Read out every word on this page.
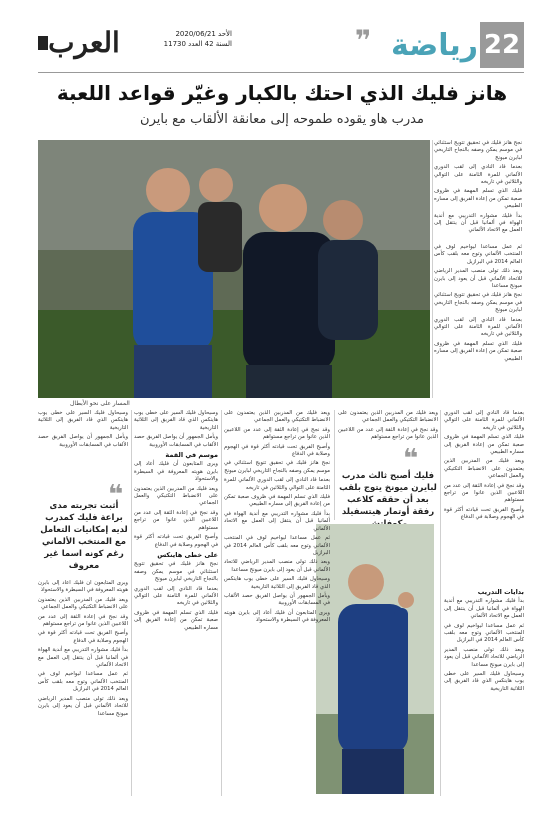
22
رياضة
❞
العرب	الأحد 2020/06/21
السنة 42 العدد 11730
هانز فليك الذي احتك بالكبار وغيّر قواعد اللعبة
مدرب هاو يقوده طموحه إلى معانقة الألقاب مع بايرن
المسار على نحو الأبطال

نجح هانز فليك في تحقيق تتويج استثنائي في موسم يمكن وصفه بالنجاح التاريخي لبايرن ميونخ

بعدما قاد النادي إلى لقب الدوري الألماني للمرة الثامنة على التوالي والثلاثين في تاريخه

فليك الذي تسلم المهمة في ظروف صعبة تمكن من إعادة الفريق إلى مساره الطبيعي

بدأ فليك مشواره التدريبي مع أندية الهواة في ألمانيا قبل أن ينتقل إلى العمل مع الاتحاد الألماني

ثم عمل مساعدا ليواخيم لوف في المنتخب الألماني وتوج معه بلقب كأس العالم 2014 في البرازيل

وبعد ذلك تولى منصب المدير الرياضي للاتحاد الألماني قبل أن يعود إلى بايرن ميونخ مساعدا

نجح هانز فليك في تحقيق تتويج استثنائي في موسم يمكن وصفه بالنجاح التاريخي لبايرن ميونخ

بعدما قاد النادي إلى لقب الدوري الألماني للمرة الثامنة على التوالي والثلاثين في تاريخه

فليك الذي تسلم المهمة في ظروف صعبة تمكن من إعادة الفريق إلى مساره الطبيعي

بعدما قاد النادي إلى لقب الدوري الألماني للمرة الثامنة على التوالي والثلاثين في تاريخه

فليك الذي تسلم المهمة في ظروف صعبة تمكن من إعادة الفريق إلى مساره الطبيعي

ويعد فليك من المدربين الذين يعتمدون على الانضباط التكتيكي والعمل الجماعي

وقد نجح في إعادة الثقة إلى عدد من اللاعبين الذين عانوا من تراجع مستواهم

وأصبح الفريق تحت قيادته أكثر قوة في الهجوم وصلابة في الدفاع

بدايات التدريب

بدأ فليك مشواره التدريبي مع أندية الهواة في ألمانيا قبل أن ينتقل إلى العمل مع الاتحاد الألماني

ثم عمل مساعدا ليواخيم لوف في المنتخب الألماني وتوج معه بلقب كأس العالم 2014 في البرازيل

وبعد ذلك تولى منصب المدير الرياضي للاتحاد الألماني قبل أن يعود إلى بايرن ميونخ مساعدا

وسيحاول فليك السير على خطى يوب هاينكس الذي قاد الفريق إلى الثلاثية التاريخية

❝
فليك أصبح ثالث مدرب لبايرن ميونخ يتوج بلقب بعد أن حققه كلاعب رفقة أوتمار هيتسفيلد

ويعد فليك من المدربين الذين يعتمدون على الانضباط التكتيكي والعمل الجماعي

وقد نجح في إعادة الثقة إلى عدد من اللاعبين الذين عانوا من تراجع مستواهم

ويعد فليك من المدربين الذين يعتمدون على الانضباط التكتيكي والعمل الجماعي

وقد نجح في إعادة الثقة إلى عدد من اللاعبين الذين عانوا من تراجع مستواهم

وأصبح الفريق تحت قيادته أكثر قوة في الهجوم وصلابة في الدفاع

نجح هانز فليك في تحقيق تتويج استثنائي في موسم يمكن وصفه بالنجاح التاريخي لبايرن ميونخ

بعدما قاد النادي إلى لقب الدوري الألماني للمرة الثامنة على التوالي والثلاثين في تاريخه

فليك الذي تسلم المهمة في ظروف صعبة تمكن من إعادة الفريق إلى مساره الطبيعي

بدأ فليك مشواره التدريبي مع أندية الهواة في ألمانيا قبل أن ينتقل إلى العمل مع الاتحاد الألماني

ثم عمل مساعدا ليواخيم لوف في المنتخب الألماني وتوج معه بلقب كأس العالم 2014 في البرازيل

وبعد ذلك تولى منصب المدير الرياضي للاتحاد الألماني قبل أن يعود إلى بايرن ميونخ مساعدا

وسيحاول فليك السير على خطى يوب هاينكس الذي قاد الفريق إلى الثلاثية التاريخية

ويأمل الجمهور أن يواصل الفريق حصد الألقاب في المسابقات الأوروبية

ويرى المتابعون أن فليك أعاد إلى بايرن هويته المعروفة في السيطرة والاستحواذ

وسيحاول فليك السير على خطى يوب هاينكس الذي قاد الفريق إلى الثلاثية التاريخية

ويأمل الجمهور أن يواصل الفريق حصد الألقاب في المسابقات الأوروبية

موسم في القمة

ويرى المتابعون أن فليك أعاد إلى بايرن هويته المعروفة في السيطرة والاستحواذ

ويعد فليك من المدربين الذين يعتمدون على الانضباط التكتيكي والعمل الجماعي

وقد نجح في إعادة الثقة إلى عدد من اللاعبين الذين عانوا من تراجع مستواهم

وأصبح الفريق تحت قيادته أكثر قوة في الهجوم وصلابة في الدفاع

على خطى هاينكس

نجح هانز فليك في تحقيق تتويج استثنائي في موسم يمكن وصفه بالنجاح التاريخي لبايرن ميونخ

بعدما قاد النادي إلى لقب الدوري الألماني للمرة الثامنة على التوالي والثلاثين في تاريخه

فليك الذي تسلم المهمة في ظروف صعبة تمكن من إعادة الفريق إلى مساره الطبيعي

وسيحاول فليك السير على خطى يوب هاينكس الذي قاد الفريق إلى الثلاثية التاريخية

ويأمل الجمهور أن يواصل الفريق حصد الألقاب في المسابقات الأوروبية

❝
أثبت تجربته مدى براعة فليك كمدرب لديه إمكانيات التعامل مع المنتخب الألماني رغم كونه اسما غير معروف

ويرى المتابعون أن فليك أعاد إلى بايرن هويته المعروفة في السيطرة والاستحواذ

ويعد فليك من المدربين الذين يعتمدون على الانضباط التكتيكي والعمل الجماعي

وقد نجح في إعادة الثقة إلى عدد من اللاعبين الذين عانوا من تراجع مستواهم

وأصبح الفريق تحت قيادته أكثر قوة في الهجوم وصلابة في الدفاع

بدأ فليك مشواره التدريبي مع أندية الهواة في ألمانيا قبل أن ينتقل إلى العمل مع الاتحاد الألماني

ثم عمل مساعدا ليواخيم لوف في المنتخب الألماني وتوج معه بلقب كأس العالم 2014 في البرازيل

وبعد ذلك تولى منصب المدير الرياضي للاتحاد الألماني قبل أن يعود إلى بايرن ميونخ مساعدا
